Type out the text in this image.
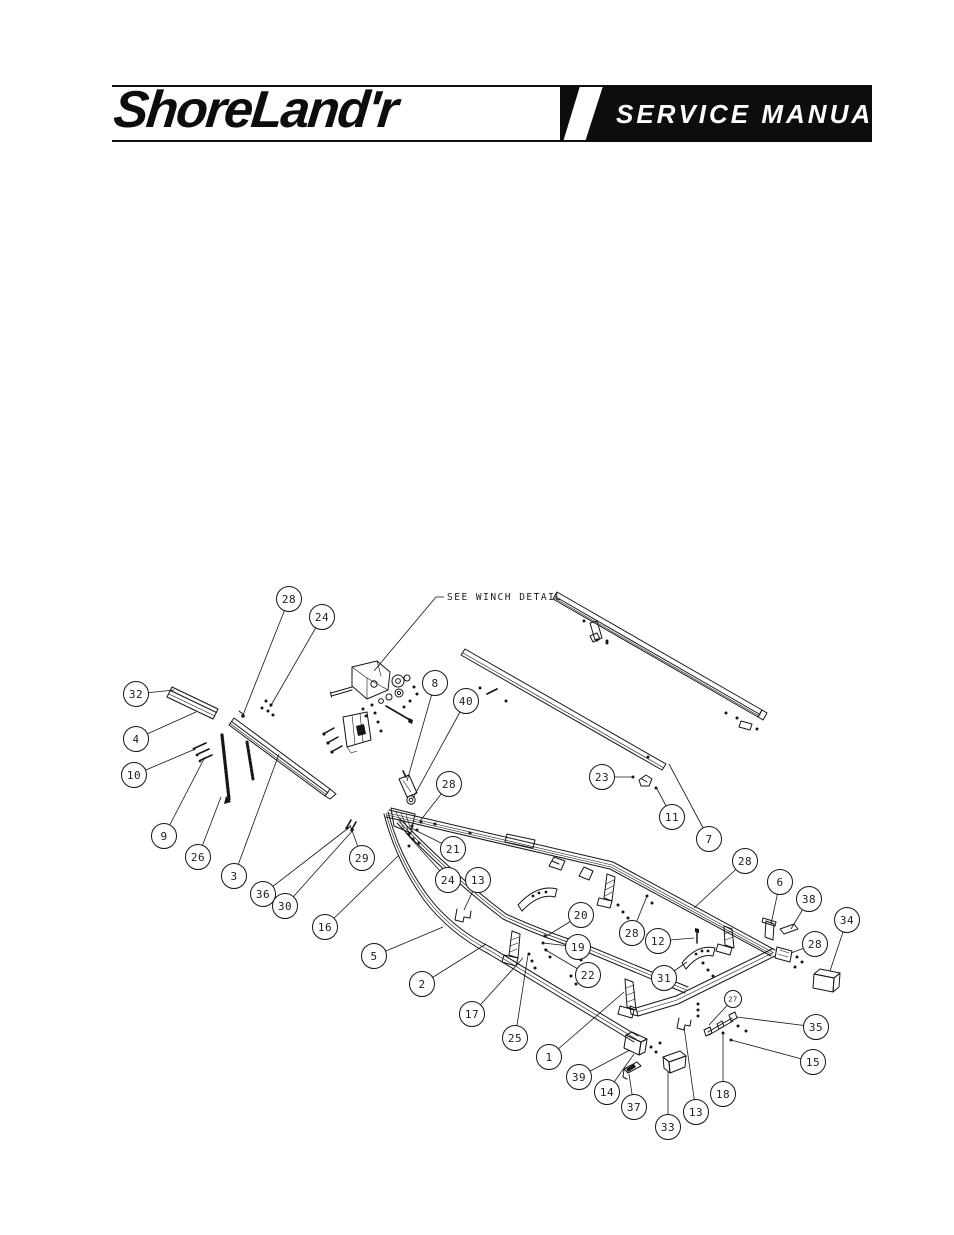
ShoreLand'r	SERVICE MANUAL
SEE WINCH DETAIL
28
24
32
8
40
4
10	23
28
11
7
9
26
3
29
21
28
36
30
24 13	6
38
16
34
20
28
12	28
5
19
22	31
2
17
27
25
35
1	15
39
14
37
33
13
18
